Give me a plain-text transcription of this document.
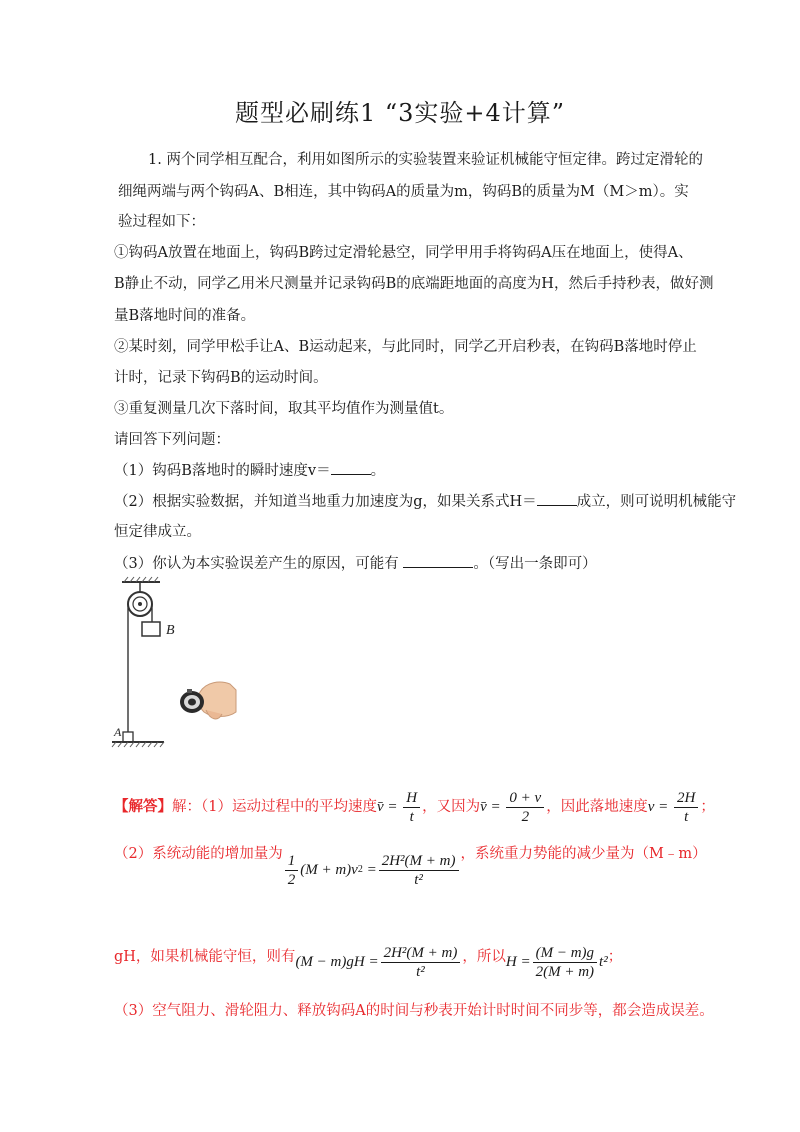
题型必刷练1 “3实验+4计算”
1. 两个同学相互配合，利用如图所示的实验装置来验证机械能守恒定律。跨过定滑轮的
细绳两端与两个钩码A、B相连，其中钩码A的质量为m，钩码B的质量为M（M＞m）。实
验过程如下：
①钩码A放置在地面上，钩码B跨过定滑轮悬空，同学甲用手将钩码A压在地面上，使得A、
B静止不动，同学乙用米尺测量并记录钩码B的底端距地面的高度为H，然后手持秒表，做好测
量B落地时间的准备。
②某时刻，同学甲松手让A、B运动起来，与此同时，同学乙开启秒表，在钩码B落地时停止
计时，记录下钩码B的运动时间。
③重复测量几次下落时间，取其平均值作为测量值t。
请回答下列问题：
（1）钩码B落地时的瞬时速度v＝	。
（2）根据实验数据，并知道当地重力加速度为g，如果关系式H＝	成立，则可说明机械能守
恒定律成立。
（3）你认为本实验误差产生的原因，可能有	。（写出一条即可）
B
A
【解答】 解：（1）运动过程中的平均速度 v̄ = $\frac{H}{t}$ ，又因为 v̄ = $\frac{0 + v}{2}$ ，因此落地速度 $v = \frac{2H}{t}$ ；
（2）系统动能的增加量为 $\frac{1}{2} (M + m)v$ $2 = \frac{\text{2H²(M + m)}}{\text{t²}}$ ，系统重力势能的减少量为（M﹣m）
gH，如果机械能守恒，则有 $(M - m)gH = \frac{\text{2H²(M + m)}}{\text{t²}}$ ，所以 $H = \frac{(M - m)g}{2(M + m)} t^2$ ；
（3）空气阻力、滑轮阻力、释放钩码A的时间与秒表开始计时时间不同步等，都会造成误差。
